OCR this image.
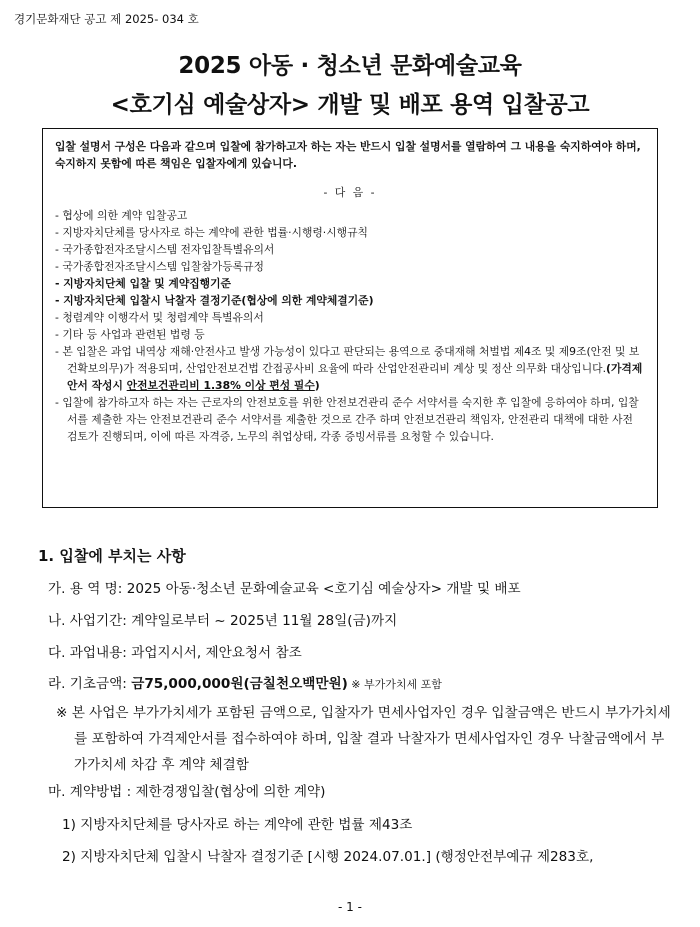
경기문화재단 공고 제 2025- 034 호
2025 아동 · 청소년 문화예술교육
<호기심 예술상자> 개발 및 배포 용역 입찰공고
입찰 설명서 구성은 다음과 같으며 입찰에 참가하고자 하는 자는 반드시 입찰 설명서를 열람하여 그 내용을 숙지하여야 하며, 숙지하지 못함에 따른 책임은 입찰자에게 있습니다.
- 다 음 -

- 협상에 의한 계약 입찰공고

- 지방자치단체를 당사자로 하는 계약에 관한 법률·시행령·시행규칙

- 국가종합전자조달시스템 전자입찰특별유의서

- 국가종합전자조달시스템 입찰참가등록규정

- 지방자치단체 입찰 및 계약집행기준

- 지방자치단체 입찰시 낙찰자 결정기준(협상에 의한 계약체결기준)

- 청렴계약 이행각서 및 청렴계약 특별유의서

- 기타 등 사업과 관련된 법령 등

- 본 입찰은 과업 내역상 재해·안전사고 발생 가능성이 있다고 판단되는 용역으로 중대재해 처벌법 제4조 및 제9조(안전 및 보건확보의무)가 적용되며, 산업안전보건법 간접공사비 요율에 따라 산업안전관리비 계상 및 정산 의무화 대상입니다.(가격제안서 작성시 안전보건관리비 1.38% 이상 편성 필수)

- 입찰에 참가하고자 하는 자는 근로자의 안전보호를 위한 안전보건관리 준수 서약서를 숙지한 후 입찰에 응하여야 하며, 입찰서를 제출한 자는 안전보건관리 준수 서약서를 제출한 것으로 간주 하며 안전보건관리 책임자, 안전관리 대책에 대한 사전 검토가 진행되며, 이에 따른 자격증, 노무의 취업상태, 각종 증빙서류를 요청할 수 있습니다.

1. 입찰에 부치는 사항
가. 용 역 명: 2025 아동·청소년 문화예술교육 <호기심 예술상자> 개발 및 배포
나. 사업기간: 계약일로부터 ~ 2025년 11월 28일(금)까지
다. 과업내용: 과업지시서, 제안요청서 참조
라. 기초금액: 금75,000,000원(금칠천오백만원) ※ 부가가치세 포함
※ 본 사업은 부가가치세가 포함된 금액으로, 입찰자가 면세사업자인 경우 입찰금액은 반드시 부가가치세를 포함하여 가격제안서를 접수하여야 하며, 입찰 결과 낙찰자가 면세사업자인 경우 낙찰금액에서 부가가치세 차감 후 계약 체결함
마. 계약방법 : 제한경쟁입찰(협상에 의한 계약)
1) 지방자치단체를 당사자로 하는 계약에 관한 법률 제43조
2) 지방자치단체 입찰시 낙찰자 결정기준 [시행 2024.07.01.] (행정안전부예규 제283호,
- 1 -
